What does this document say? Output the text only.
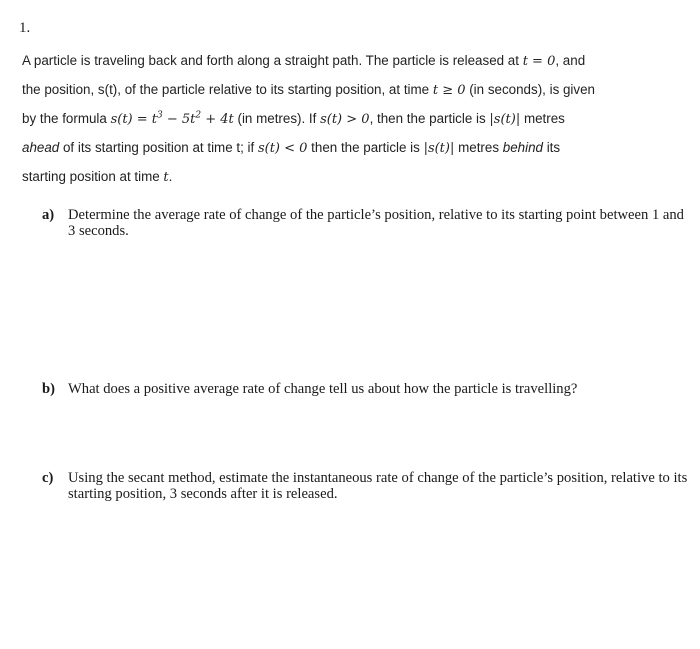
1.
A particle is traveling back and forth along a straight path. The particle is released at t = 0, and
the position, s(t), of the particle relative to its starting position, at time t ≥ 0 (in seconds), is given
by the formula $s(t) = t^3 - 5t^2 + 4t$ (in metres). If s(t) > 0, then the particle is |s(t)| metres
ahead of its starting position at time t; if s(t) < 0 then the particle is |s(t)| metres behind its
starting position at time t.
a) Determine the average rate of change of the particle’s position, relative to its starting point between 1 and 3 seconds.
b) What does a positive average rate of change tell us about how the particle is travelling?
c) Using the secant method, estimate the instantaneous rate of change of the particle’s position, relative to its starting position, 3 seconds after it is released.
